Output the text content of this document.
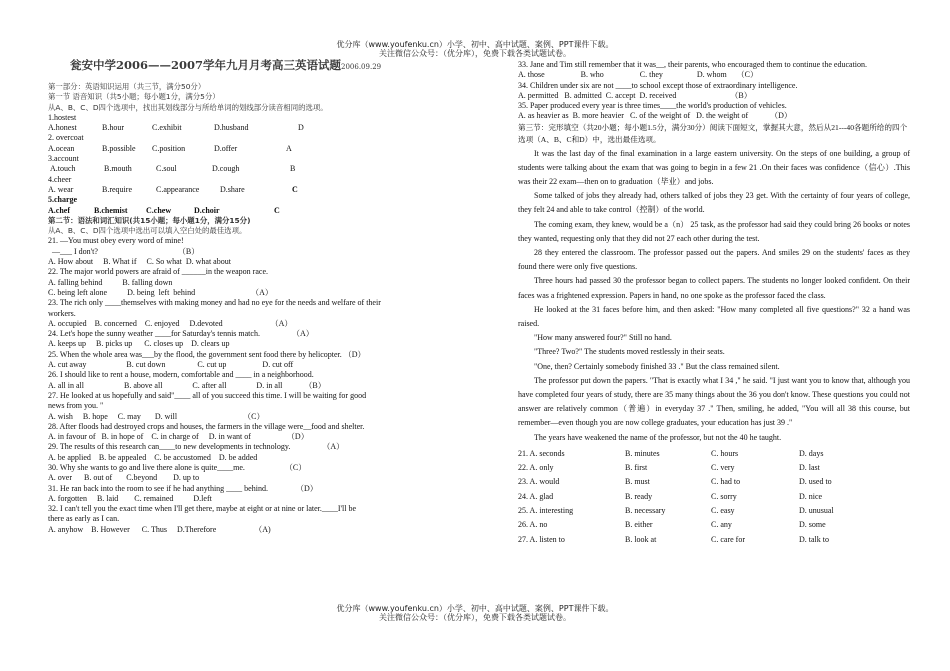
优分库（www.youfenku.cn）小学、初中、高中试题、案例、PPT课件下载。
关注微信公众号：（优分库），免费下载各类试题试卷。
瓮安中学2006——2007学年九月月考高三英语试题2006.09.29
第一部分：英语知识运用（共三节，满分50分）
第一节 语音知识（共5小题；每小题1分，满分5分）
从A、B、C、D四个选项中，找出其划线部分与所给单词的划线部分读音相同的选项。
1.hostest
A.honest	B.hour	C.exhibit	D.husband	D
2. overcoat
A.ocean	B.possible	C.position	D.offer	A
3.account
A.touch	B.mouth	C.soul	D.cough	B
4.cheer
A. wear	B.require	C.appearance	D.share	C
5.charge
A.chef	B.chemist	C.chew	D.choir	C
第二节：语法和词汇知识(共15小题；每小题1分，满分15分)
从A、B、C、D四个选项中选出可以填入空白处的最佳选项。
21. —You must obey every word of mine!
—___ I don't?                                        （B）
A. How about     B. What if     C. So what  D. what about
22. The major world powers are afraid of ______in the weapon race.
A. falling behind          B. falling down
C. being left alone          D. being  left  behind                            （A）
23. The rich only ____themselves with making money and had no eye for the needs and welfare of their
workers.
A. occupied    B. concerned    C. enjoyed     D.devoted                        （A）
24. Let's hope the sunny weather ____for Saturday's tennis match.                （A）
A. keeps up     B. picks up      C. closes up    D. clears up
25. When the whole area was___by the flood, the government sent food there by helicopter. （D）
A. cut away                    B. cut down                C. cut up                  D. cut off
26. I should like to rent a house, modern, comfortable and ____ in a neighborhood.
A. all in all                    B. above all               C. after all               D. in all           （B）
27. He looked at us hopefully and said"____ all of you succeed this time. I will be waiting for good
news from you. "
A. wish     B. hope     C. may       D. will                                 （C）
28. After floods had destroyed crops and houses, the farmers in the village were__food and shelter.
A. in favour of   B. in hope of    C. in charge of     D. in want of                  （D）
29. The results of this research can____to new developments in technology.                （A）
A. be applied    B. be appealed    C. be accustomed    D. be added
30. Why she wants to go and live there alone is quite____me.                    （C）
A. over      B. out of       C.beyond        D. up to
31. He ran back into the room to see if he had anything ____ behind.              （D）
A. forgotten     B. laid        C. remained          D.left
32. I can't tell you the exact time when I'll get there, maybe at eight or at nine or later.____I'll be
there as early as I can.
A. anyhow    B. However      C. Thus     D.Therefore                   （A)
33. Jane and Tim still remember that it was__, their parents, who encouraged them to continue the education.
A. those                  B. who                  C. they                 D. whom     （C）
34. Children under six are not ____to school except those of extraordinary intelligence.
A. permitted   B. admitted  C. accept  D. received                           （B）
35. Paper produced every year is three times____the world's production of vehicles.
A. as heavier as  B. more heavier   C. of the weight of   D. the weight of           （D）

第三节：完形填空（共20小题；每小题1.5分，满分30分）阅读下面短文，掌握其大意，然后从21---40各题所给的四个选项（A、B、C和D）中，选出最佳选项。

It was the last day of the final examination in a large eastern university. On the steps of one building, a group of students were talking about the exam that was going to begin in a few 21 .On their faces was confidence（信心）.This was their 22 exam—then on to graduation（毕业）and jobs.

Some talked of jobs they already had, others talked of jobs they 23 get. With the certainty of four years of college, they felt 24 and able to take control（控制）of the world.

The coming exam, they knew, would be a（n） 25 task, as the professor had said they could bring 26 books or notes they wanted, requesting only that they did not 27 each other during the test.

28 they entered the classroom. The professor passed out the papers. And smiles 29 on the students' faces as they found there were only five questions.

Three hours had passed 30 the professor began to collect papers. The students no longer looked confident. On their faces was a frightened expression. Papers in hand, no one spoke as the professor faced the class.

He looked at the 31 faces before him, and then asked: "How many completed all five questions?" 32 a hand was raised.

"How many answered four?" Still no hand.

"Three? Two?" The students moved restlessly in their seats.

"One, then? Certainly somebody finished 33 ." But the class remained silent.

The professor put down the papers. "That is exactly what I 34 ," he said. "I just want you to know that, although you have completed four years of study, there are 35 many things about the 36 you don't know. These questions you could not answer are relatively common（普遍）in everyday 37 ." Then, smiling, he added, "You will all 38 this course, but remember—even though you are now college graduates, your education has just 39 ."

The years have weakened the name of the professor, but not the 40 he taught.

21. A. seconds	B. minutes	C. hours	D. days
22. A. only	B. first	C. very	D. last
23. A. would	B. must	C. had to	D. used to
24. A. glad	B. ready	C. sorry	D. nice
25. A. interesting	B. necessary	C. easy	D. unusual
26. A. no	B. either	C. any	D. some
27. A. listen to	B. look at	C. care for	D. talk to
优分库（www.youfenku.cn）小学、初中、高中试题、案例、PPT课件下载。
关注微信公众号：（优分库），免费下载各类试题试卷。
